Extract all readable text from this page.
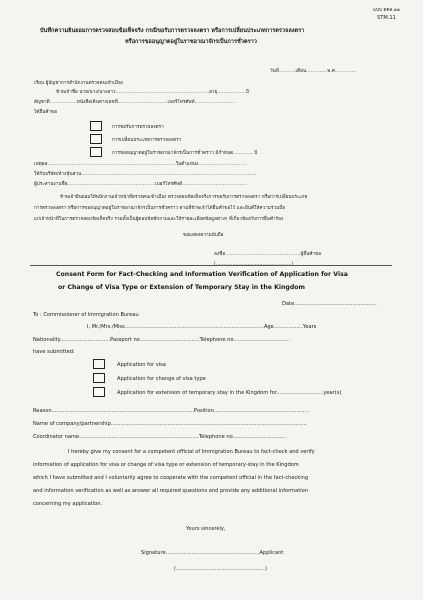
แบบ ตคล.๑๑
STM.11
บันทึกความยินยอมการตรวจสอบข้อเท็จจริง กรณีขอรับการตรวจลงตรา หรือการเปลี่ยนประเภทการตรวจลงตรา
หรือการขออนุญาตอยู่ในราชอาณาจักรเป็นการชั่วคราว
วันที่...........เดือน..............พ.ศ..............
เรียน ผู้บัญชาการสำนักงานตรวจคนเข้าเมือง
ข้าพเจ้าชื่อ นาย/นาง/นางสาว..............................................................อายุ...................ปี
สัญชาติ..................หนังสือเดินทางเลขที่.................................เบอร์โทรศัพท์...........................
ได้ยื่นคำขอ
การขอรับการตรวจลงตรา
การเปลี่ยนประเภทการตรวจลงตรา
การขออนุญาตอยู่ในราชอาณาจักรเป็นการชั่วคราว มีกำหนด..............ปี
เหตุผล.....................................................................................ในตำแหน่ง................................
ให้กับบริษัท/ห้างหุ้นส่วน....................................................................................................................
ผู้ประสานงานชื่อ..........................................................เบอร์โทรศัพท์...........................................
ข้าพเจ้ายินยอมให้พนักงานเจ้าหน้าที่ตรวจคนเข้าเมือง ตรวจสอบข้อเท็จจริงการขอรับการตรวจลงตรา หรือการเปลี่ยนประเภท
การตรวจลงตรา หรือการขออนุญาตอยู่ในราชอาณาจักรเป็นการชั่วคราว ตามที่ข้าพเจ้าได้ยื่นคำขอไว้ และยินดีให้ความร่วมมือ
แก่เจ้าหน้าที่ในการตรวจสอบข้อเท็จจริง รวมทั้งเป็นผู้ตอบข้อซักถามและให้รายละเอียดข้อมูลต่างๆ ที่เกี่ยวข้องกับการยื่นคำร้อง
ขอแสดงความนับถือ
ลงชื่อ..................................................ผู้ยื่นคำขอ
(..................................................)
Consent Form for Fact-Checking and Information Verification of Application for Visa
or Change of Visa Type or Extension of Temporary Stay in the Kingdom
Date...................................................
To : Commissioner of Immigration Bureau
I, Mr./Mrs./Miss......................................................................................Age..................Years
Nationality...............................Passport no.....................................Telephone no...................................
have submitted:
Application for visa
Application for change of visa type
Application for extension of temporary stay in the Kingdom for.............................year(s)
Reason........................................................................................Position...........................................................
Name of company/partnership.........................................................................................................................
Coordinator name..........................................................................Telephone no.................................
I hereby give my consent for a competent official of Immigration Bureau to fact-check and verify
information of application for visa or change of visa type or extension of temporary-stay in the Kingdom
which I have submitted and I voluntarily agree to cooperate with the competent official in the fact-checking
and information verification as well as answer all required questions and provide any additional information
concerning my application.
Yours sincerely,
Signature..........................................................Applicant
(.......................................................)
